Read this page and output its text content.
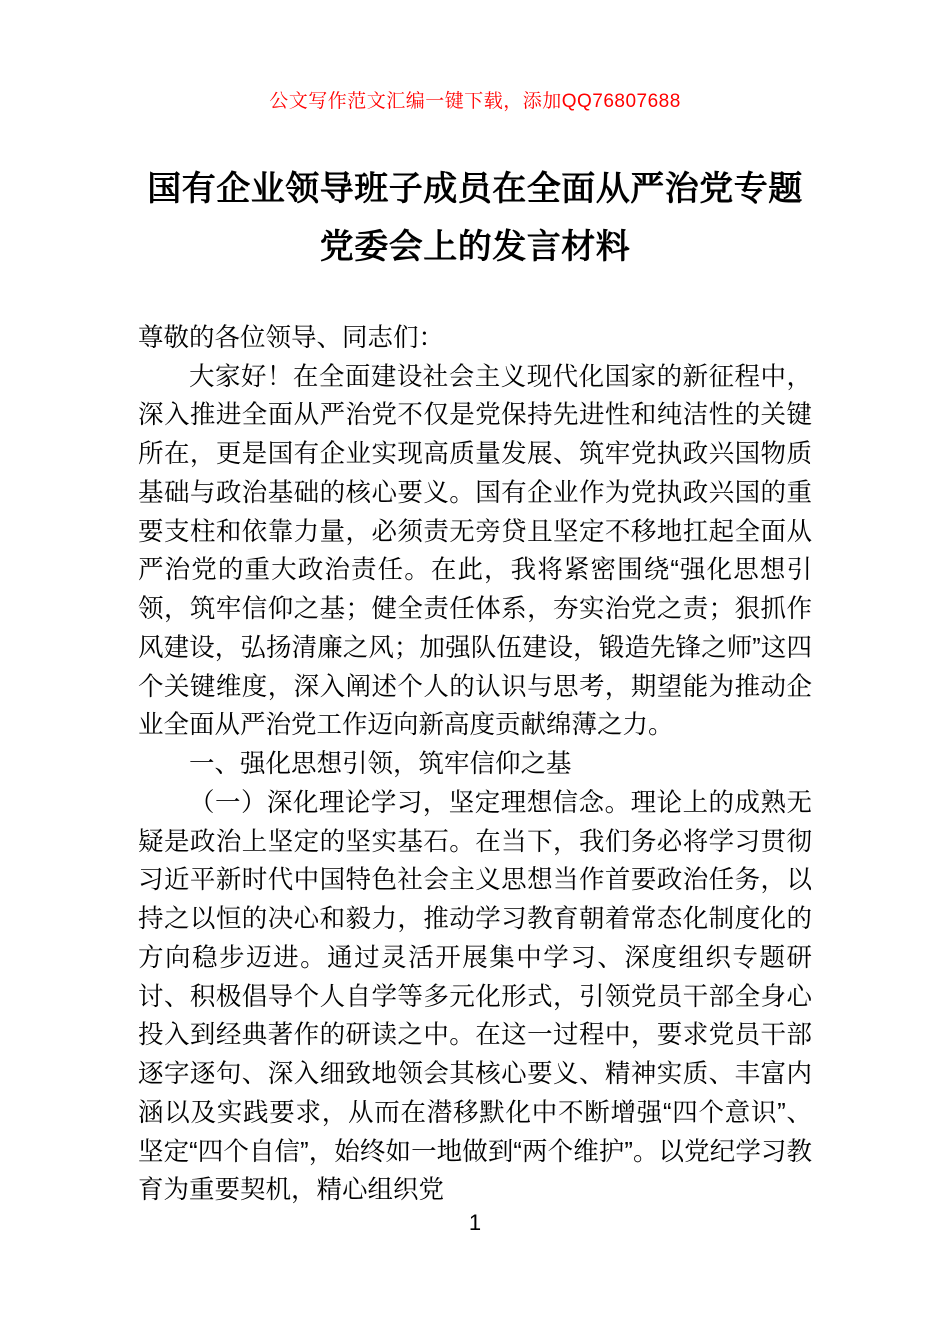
公文写作范文汇编一键下载，添加QQ76807688
国有企业领导班子成员在全面从严治党专题党委会上的发言材料

尊敬的各位领导、同志们：

大家好！在全面建设社会主义现代化国家的新征程中，深入推进全面从严治党不仅是党保持先进性和纯洁性的关键所在，更是国有企业实现高质量发展、筑牢党执政兴国物质基础与政治基础的核心要义。国有企业作为党执政兴国的重要支柱和依靠力量，必须责无旁贷且坚定不移地扛起全面从严治党的重大政治责任。在此，我将紧密围绕“强化思想引领，筑牢信仰之基；健全责任体系，夯实治党之责；狠抓作风建设，弘扬清廉之风；加强队伍建设，锻造先锋之师”这四个关键维度，深入阐述个人的认识与思考，期望能为推动企业全面从严治党工作迈向新高度贡献绵薄之力。

一、强化思想引领，筑牢信仰之基

（一）深化理论学习，坚定理想信念。理论上的成熟无疑是政治上坚定的坚实基石。在当下，我们务必将学习贯彻习近平新时代中国特色社会主义思想当作首要政治任务，以持之以恒的决心和毅力，推动学习教育朝着常态化制度化的方向稳步迈进。通过灵活开展集中学习、深度组织专题研讨、积极倡导个人自学等多元化形式，引领党员干部全身心投入到经典著作的研读之中。在这一过程中，要求党员干部逐字逐句、深入细致地领会其核心要义、精神实质、丰富内涵以及实践要求，从而在潜移默化中不断增强“四个意识”、坚定“四个自信”，始终如一地做到“两个维护”。以党纪学习教育为重要契机，精心组织党

1
